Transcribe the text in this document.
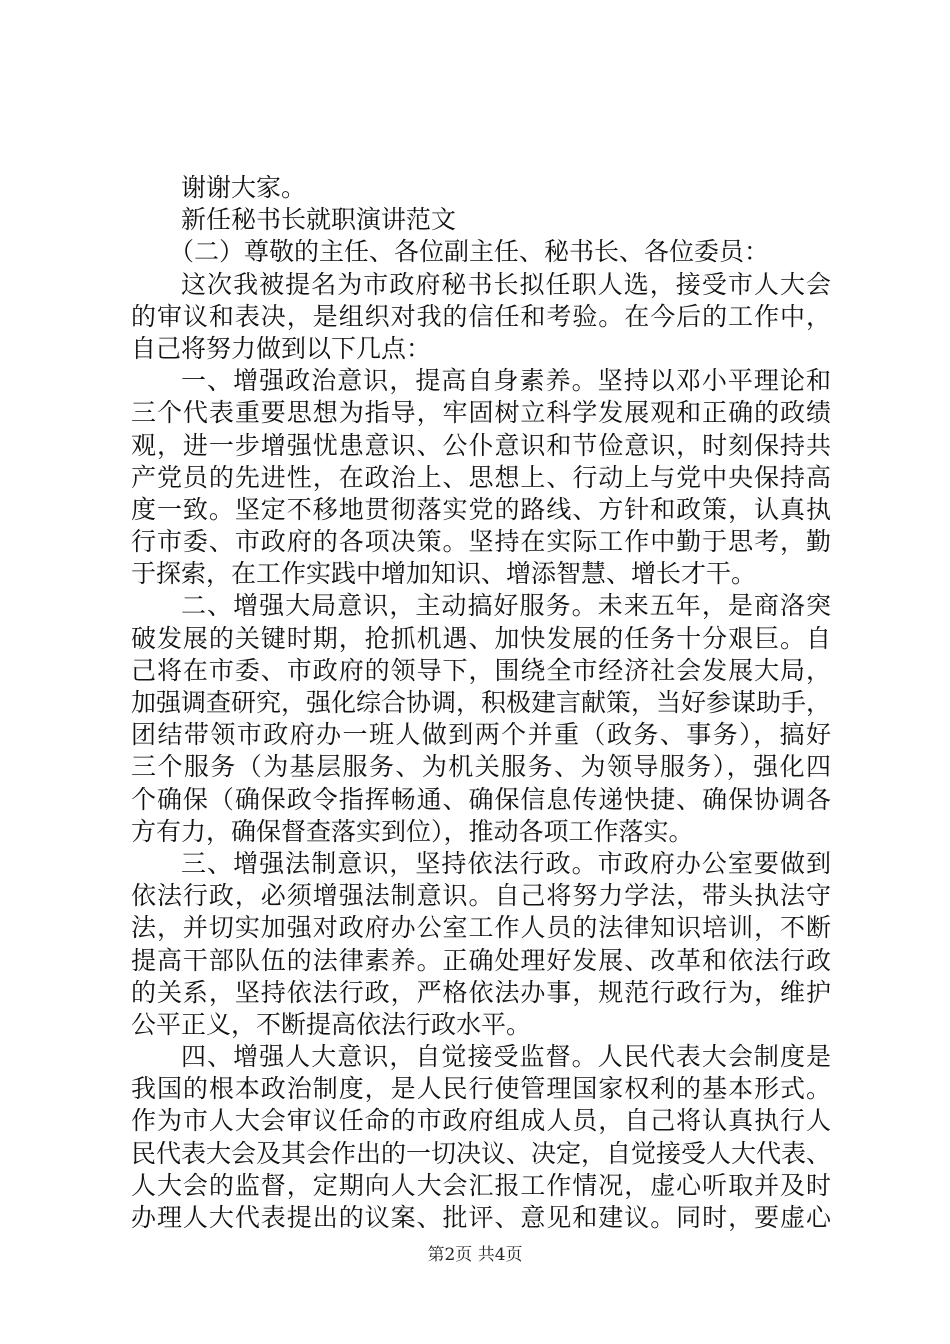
谢谢大家。
新任秘书长就职演讲范文
（二）尊敬的主任、各位副主任、秘书长、各位委员：
这次我被提名为市政府秘书长拟任职人选，接受市人大会
的审议和表决，是组织对我的信任和考验。在今后的工作中，
自己将努力做到以下几点：
一、增强政治意识，提高自身素养。坚持以邓小平理论和
三个代表重要思想为指导，牢固树立科学发展观和正确的政绩
观，进一步增强忧患意识、公仆意识和节俭意识，时刻保持共
产党员的先进性，在政治上、思想上、行动上与党中央保持高
度一致。坚定不移地贯彻落实党的路线、方针和政策，认真执
行市委、市政府的各项决策。坚持在实际工作中勤于思考，勤
于探索，在工作实践中增加知识、增添智慧、增长才干。
二、增强大局意识，主动搞好服务。未来五年，是商洛突
破发展的关键时期，抢抓机遇、加快发展的任务十分艰巨。自
己将在市委、市政府的领导下，围绕全市经济社会发展大局，
加强调查研究，强化综合协调，积极建言献策，当好参谋助手，
团结带领市政府办一班人做到两个并重（政务、事务），搞好
三个服务（为基层服务、为机关服务、为领导服务），强化四
个确保（确保政令指挥畅通、确保信息传递快捷、确保协调各
方有力，确保督查落实到位），推动各项工作落实。
三、增强法制意识，坚持依法行政。市政府办公室要做到
依法行政，必须增强法制意识。自己将努力学法，带头执法守
法，并切实加强对政府办公室工作人员的法律知识培训，不断
提高干部队伍的法律素养。正确处理好发展、改革和依法行政
的关系，坚持依法行政，严格依法办事，规范行政行为，维护
公平正义，不断提高依法行政水平。
四、增强人大意识，自觉接受监督。人民代表大会制度是
我国的根本政治制度，是人民行使管理国家权利的基本形式。
作为市人大会审议任命的市政府组成人员，自己将认真执行人
民代表大会及其会作出的一切决议、决定，自觉接受人大代表、
人大会的监督，定期向人大会汇报工作情况，虚心听取并及时
办理人大代表提出的议案、批评、意见和建议。同时，要虚心
第2页 共4页
